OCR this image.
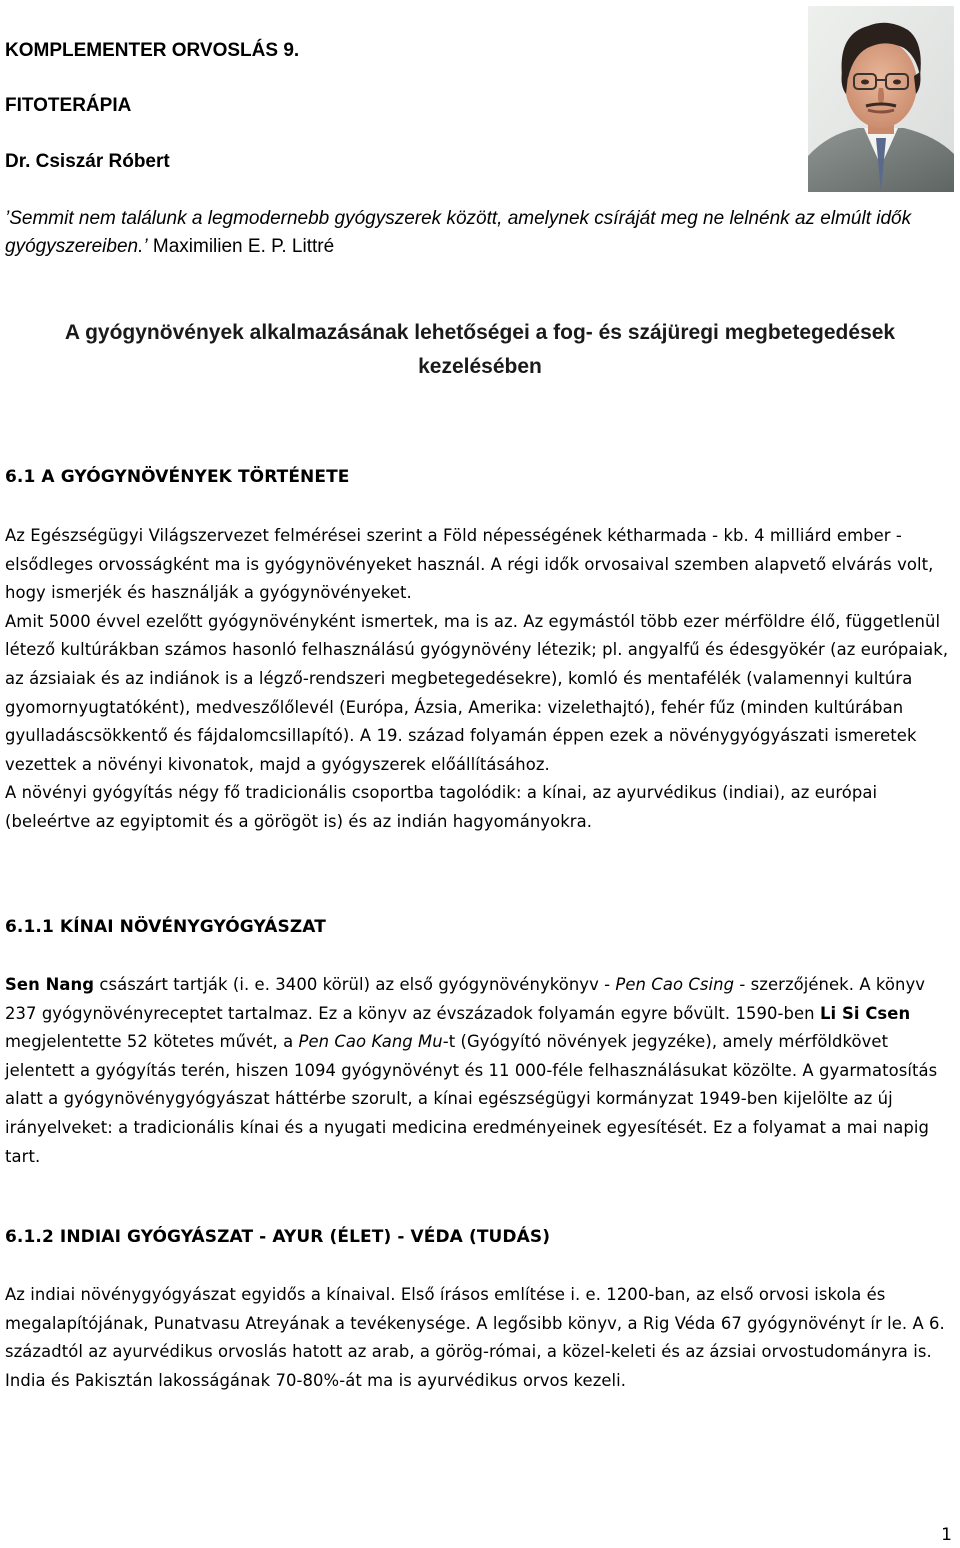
KOMPLEMENTER ORVOSLÁS 9.
FITOTERÁPIA
Dr. Csiszár Róbert
’Semmit nem találunk a legmodernebb gyógyszerek között, amelynek csíráját meg ne lelnénk az elmúlt idők gyógyszereiben.’ Maximilien E. P. Littré
A gyógynövények alkalmazásának lehetőségei a fog- és szájüregi megbetegedések kezelésében
6.1 A GYÓGYNÖVÉNYEK TÖRTÉNETE
Az Egészségügyi Világszervezet felmérései szerint a Föld népességének kétharmada - kb. 4 milliárd ember - elsődleges orvosságként ma is gyógynövényeket használ. A régi idők orvosaival szemben alapvető elvárás volt, hogy ismerjék és használják a gyógynövényeket.
Amit 5000 évvel ezelőtt gyógynövényként ismertek, ma is az. Az egymástól több ezer mérföldre élő, függetlenül létező kultúrákban számos hasonló felhasználású gyógynövény létezik; pl. angyalfű és édesgyökér (az európaiak, az ázsiaiak és az indiánok is a légző-rendszeri megbetegedésekre), komló és mentafélék (valamennyi kultúra gyomornyugtatóként), medveszőlőlevél (Európa, Ázsia, Amerika: vizelethajtó), fehér fűz (minden kultúrában gyulladáscsökkentő és fájdalomcsillapító). A 19. század folyamán éppen ezek a növénygyógyászati ismeretek vezettek a növényi kivonatok, majd a gyógyszerek előállításához.
A növényi gyógyítás négy fő tradicionális csoportba tagolódik: a kínai, az ayurvédikus (indiai), az európai (beleértve az egyiptomit és a görögöt is) és az indián hagyományokra.
6.1.1 KÍNAI NÖVÉNYGYÓGYÁSZAT
Sen Nang császárt tartják (i. e. 3400 körül) az első gyógynövénykönyv - Pen Cao Csing - szerzőjének. A könyv 237 gyógynövényreceptet tartalmaz. Ez a könyv az évszázadok folyamán egyre bővült. 1590-ben Li Si Csen megjelentette 52 kötetes művét, a Pen Cao Kang Mu-t (Gyógyító növények jegyzéke), amely mérföldkövet jelentett a gyógyítás terén, hiszen 1094 gyógynövényt és 11 000-féle felhasználásukat közölte. A gyarmatosítás alatt a gyógynövénygyógyászat háttérbe szorult, a kínai egészségügyi kormányzat 1949-ben kijelölte az új irányelveket: a tradicionális kínai és a nyugati medicina eredményeinek egyesítését. Ez a folyamat a mai napig tart.
6.1.2 INDIAI GYÓGYÁSZAT - AYUR (ÉLET) - VÉDA (TUDÁS)
Az indiai növénygyógyászat egyidős a kínaival. Első írásos említése i. e. 1200-ban, az első orvosi iskola és megalapítójának, Punatvasu Atreyának a tevékenysége. A legősibb könyv, a Rig Véda 67 gyógynövényt ír le. A 6. századtól az ayurvédikus orvoslás hatott az arab, a görög-római, a közel-keleti és az ázsiai orvostudományra is. India és Pakisztán lakosságának 70-80%-át ma is ayurvédikus orvos kezeli.
1
